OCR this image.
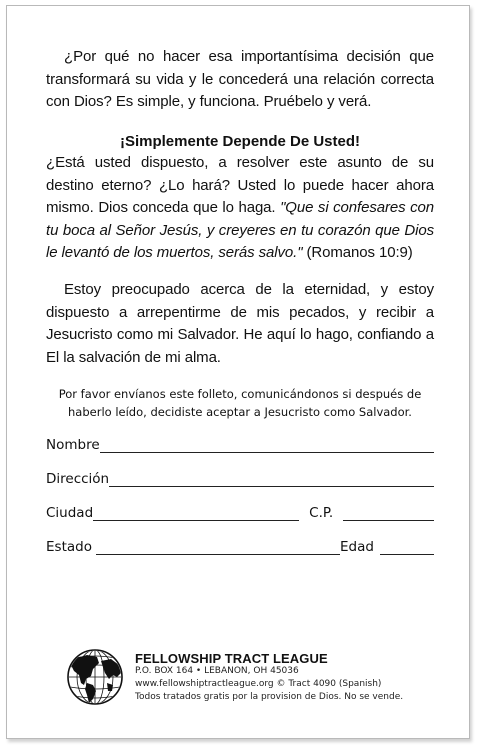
¿Por qué no hacer esa importantísima decisión que transformará su vida y le concederá una relación correcta con Dios? Es simple, y funciona. Pruébelo y verá.
¡Simplemente Depende De Usted!
¿Está usted dispuesto, a resolver este asunto de su destino eterno? ¿Lo hará? Usted lo puede hacer ahora mismo. Dios conceda que lo haga. "Que si confesares con tu boca al Señor Jesús, y creyeres en tu corazón que Dios le levantó de los muertos, serás salvo." (Romanos 10:9)
Estoy preocupado acerca de la eternidad, y estoy dispuesto a arrepentirme de mis pecados, y recibir a Jesucristo como mi Salvador. He aquí lo hago, confiando a El la salvación de mi alma.
Por favor envíanos este folleto, comunicándonos si después de haberlo leído, decidiste aceptar a Jesucristo como Salvador.
Nombre
Dirección
Ciudad	C.P.
Estado	Edad
FELLOWSHIP TRACT LEAGUE
P.O. BOX 164 • LEBANON, OH 45036
www.fellowshiptractleague.org © Tract 4090 (Spanish)
Todos tratados gratis por la provision de Dios. No se vende.
